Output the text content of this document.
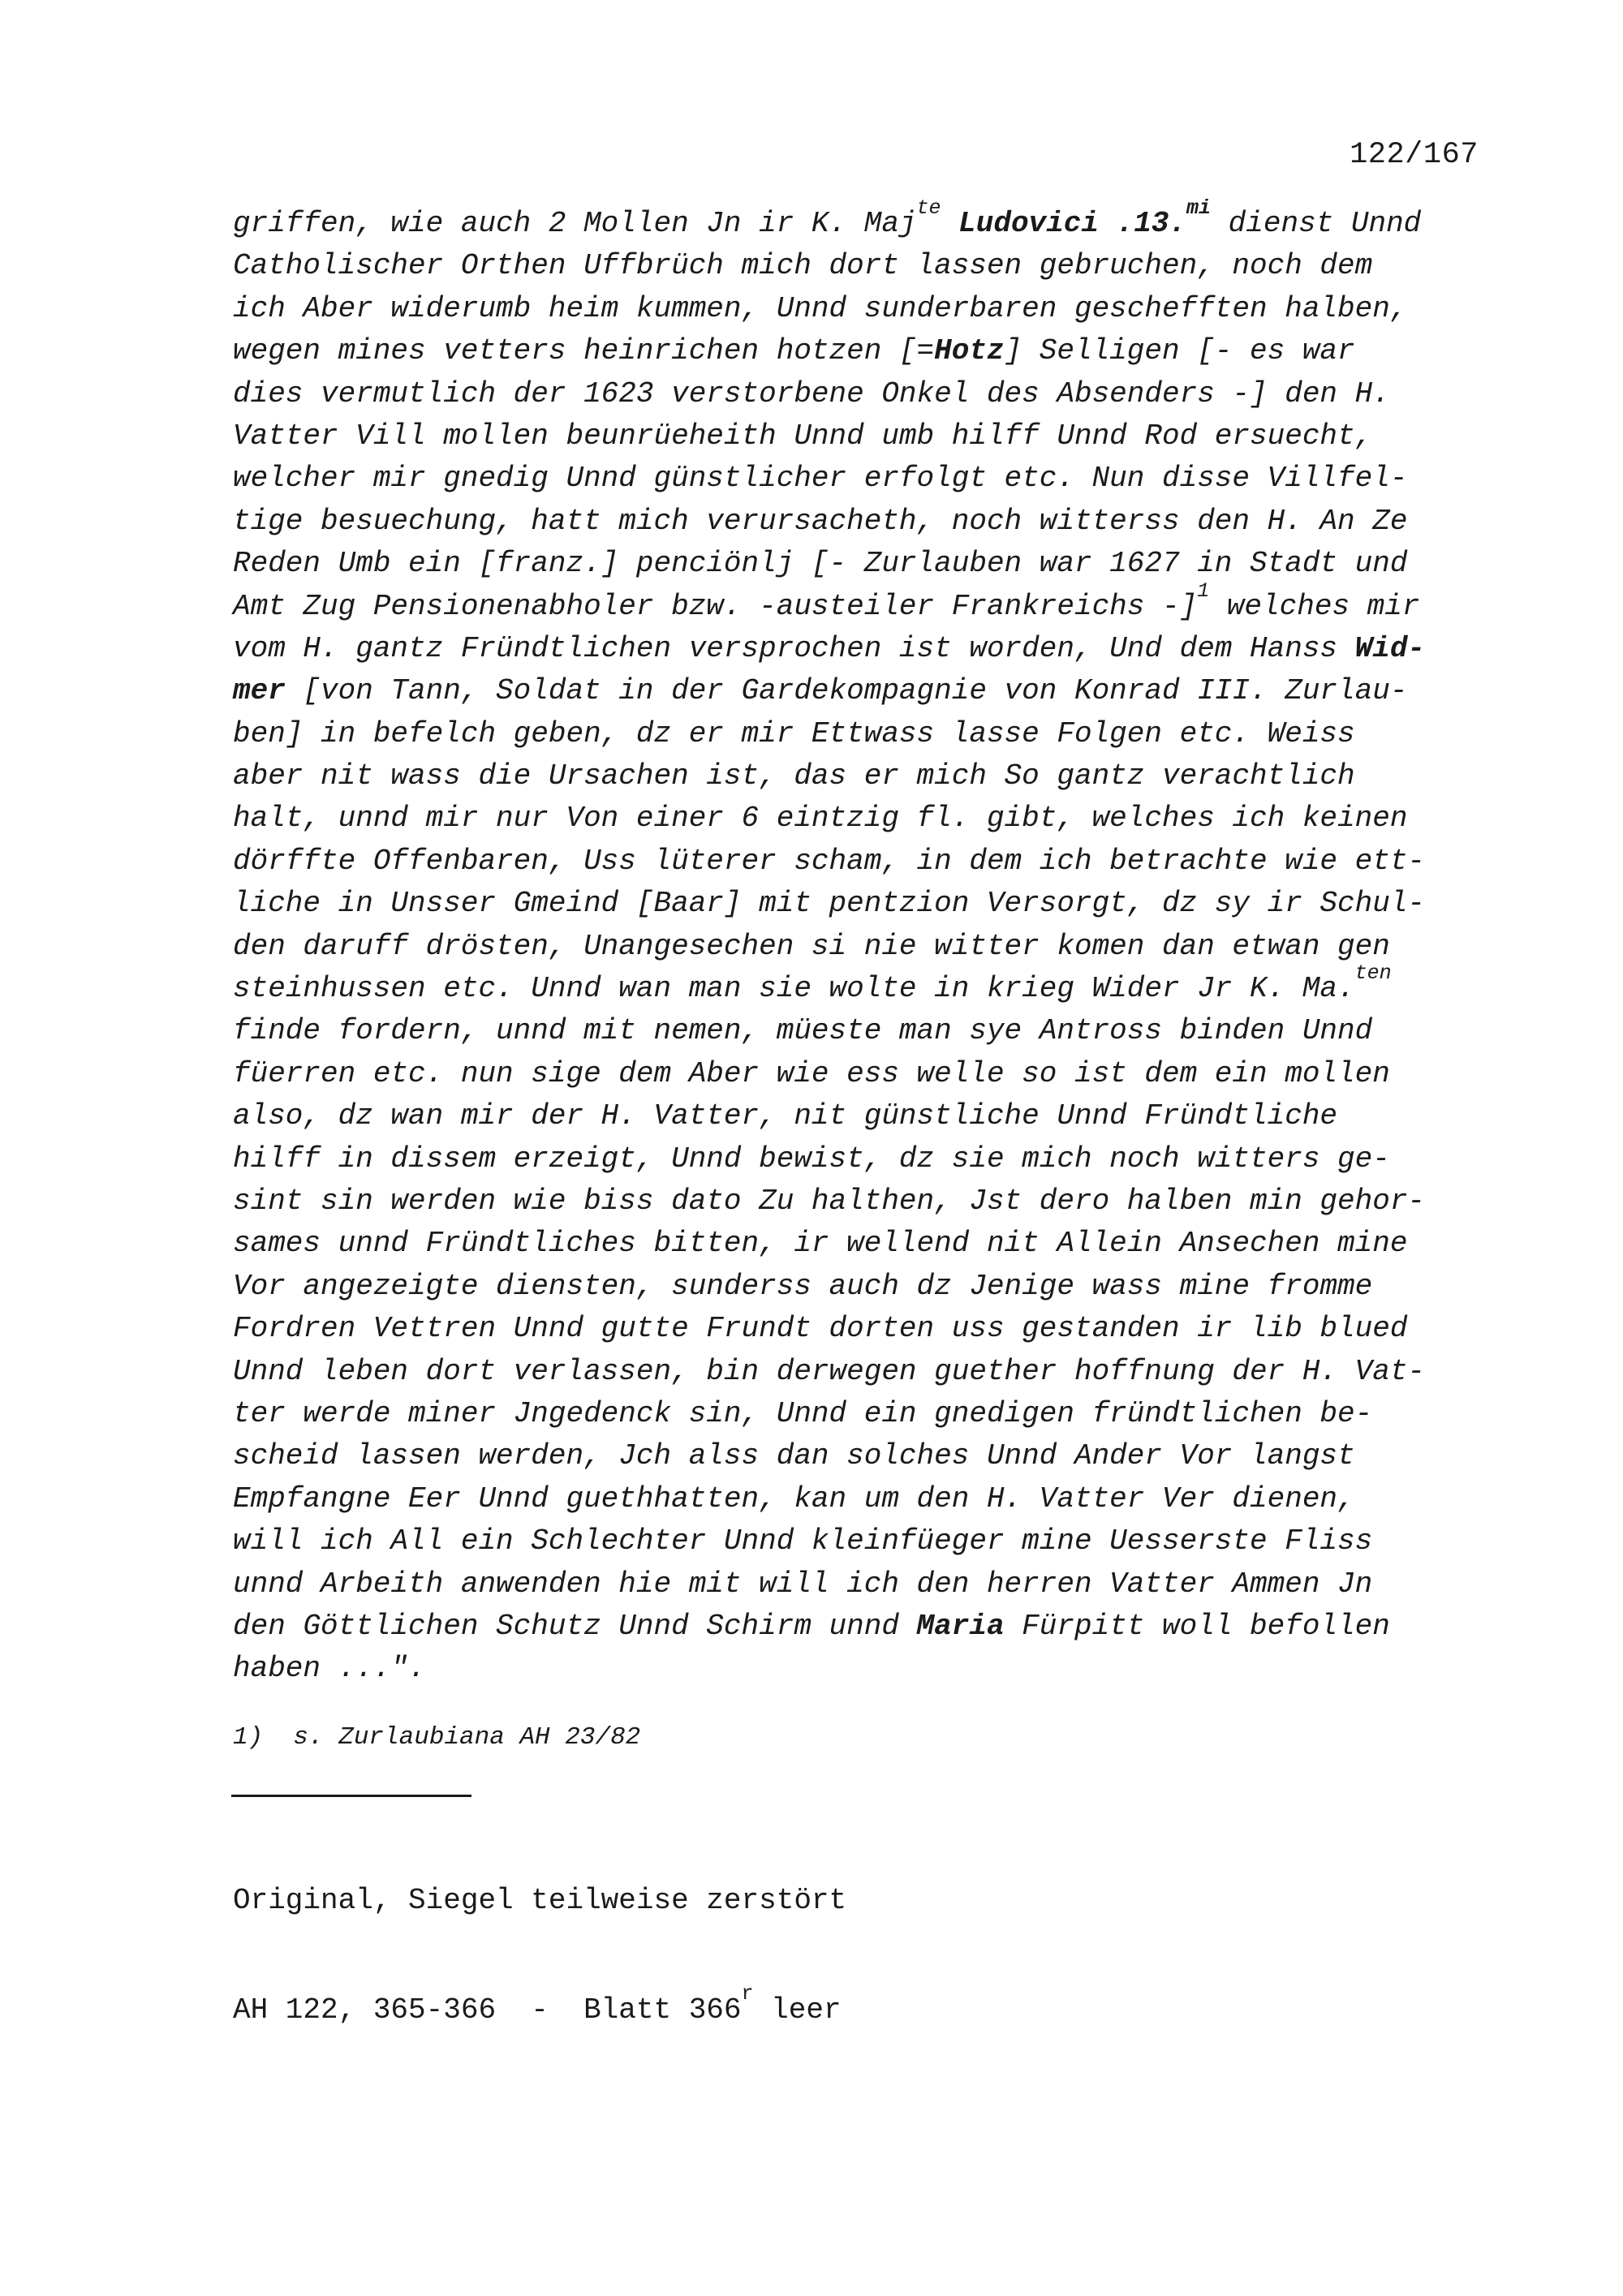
122/167
griffen, wie auch 2 Mollen Jn ir K. Maj$^{te}$ Ludovici .13.$^{mi}$ dienst Unnd
Catholischer Orthen Uffbrüch mich dort lassen gebruchen, noch dem
ich Aber widerumb heim kummen, Unnd sunderbaren geschefften halben,
wegen mines vetters heinrichen hotzen [=Hotz] Selligen [- es war
dies vermutlich der 1623 verstorbene Onkel des Absenders -] den H.
Vatter Vill mollen beunrüeheith Unnd umb hilff Unnd Rod ersuecht,
welcher mir gnedig Unnd günstlicher erfolgt etc. Nun disse Villfel-
tige besuechung, hatt mich verursacheth, noch witterss den H. An Ze
Reden Umb ein [franz.] penciönlj [- Zurlauben war 1627 in Stadt und
Amt Zug Pensionenabholer bzw. -austeiler Frankreichs -]$^1$ welches mir
vom H. gantz Fründtlichen versprochen ist worden, Und dem Hanss Wid-
mer [von Tann, Soldat in der Gardekompagnie von Konrad III. Zurlau-
ben] in befelch geben, dz er mir Ettwass lasse Folgen etc. Weiss
aber nit wass die Ursachen ist, das er mich So gantz verachtlich
halt, unnd mir nur Von einer 6 eintzig fl. gibt, welches ich keinen
dörffte Offenbaren, Uss lüterer scham, in dem ich betrachte wie ett-
liche in Unsser Gmeind [Baar] mit pentzion Versorgt, dz sy ir Schul-
den daruff drösten, Unangesechen si nie witter komen dan etwan gen
steinhussen etc. Unnd wan man sie wolte in krieg Wider Jr K. Ma.$^{ten}$
finde fordern, unnd mit nemen, müeste man sye Antross binden Unnd
füerren etc. nun sige dem Aber wie ess welle so ist dem ein mollen
also, dz wan mir der H. Vatter, nit günstliche Unnd Fründtliche
hilff in dissem erzeigt, Unnd bewist, dz sie mich noch witters ge-
sint sin werden wie biss dato Zu halthen, Jst dero halben min gehor-
sames unnd Fründtliches bitten, ir wellend nit Allein Ansechen mine
Vor angezeigte diensten, sunderss auch dz Jenige wass mine fromme
Fordren Vettren Unnd gutte Frundt dorten uss gestanden ir lib blued
Unnd leben dort verlassen, bin derwegen guether hoffnung der H. Vat-
ter werde miner Jngedenck sin, Unnd ein gnedigen fründtlichen be-
scheid lassen werden, Jch alss dan solches Unnd Ander Vor langst
Empfangne Eer Unnd guethhatten, kan um den H. Vatter Ver dienen,
will ich All ein Schlechter Unnd kleinfüeger mine Uesserste Fliss
unnd Arbeith anwenden hie mit will ich den herren Vatter Ammen Jn
den Göttlichen Schutz Unnd Schirm unnd Maria Fürpitt woll befollen
haben ...".
1)  s. Zurlaubiana AH 23/82

Original, Siegel teilweise zerstört

AH 122, 365-366  -  Blatt 366$^r$ leer
